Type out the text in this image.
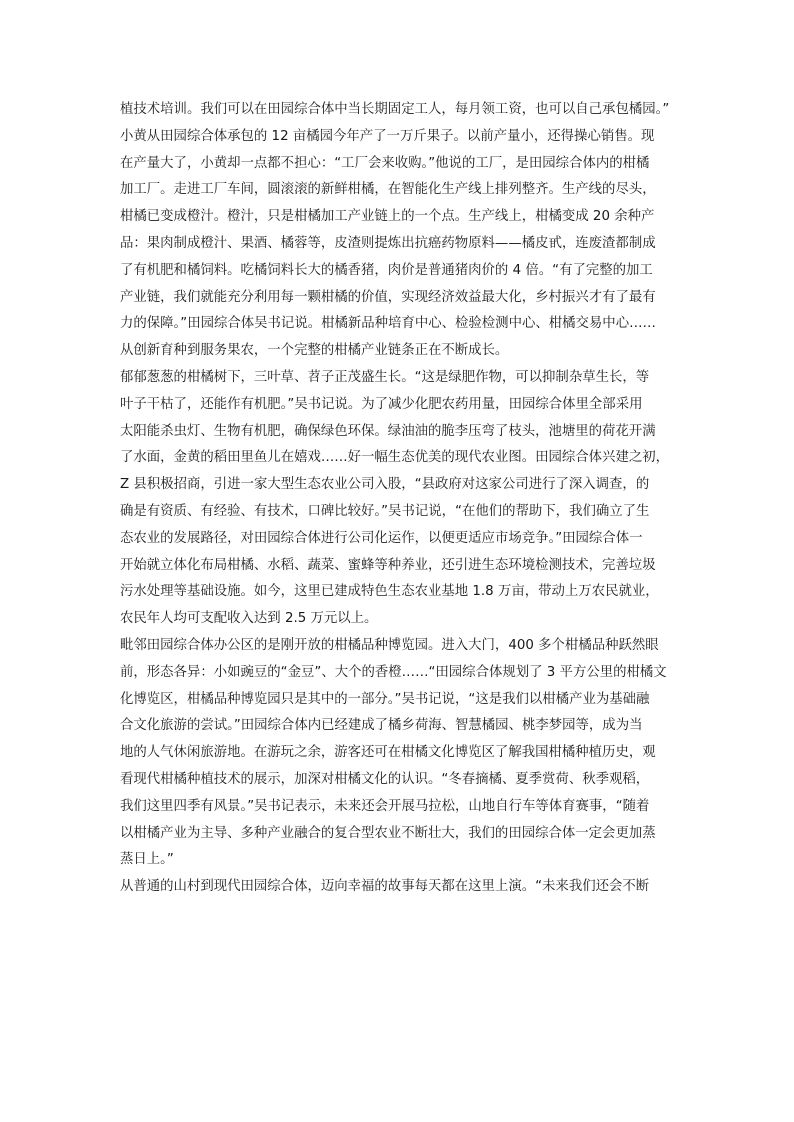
植技术培训。我们可以在田园综合体中当长期固定工人，每月领工资，也可以自己承包橘园。”
小黄从田园综合体承包的 12 亩橘园今年产了一万斤果子。以前产量小，还得操心销售。现
在产量大了，小黄却一点都不担心：“工厂会来收购。”他说的工厂，是田园综合体内的柑橘
加工厂。走进工厂车间，圆滚滚的新鲜柑橘，在智能化生产线上排列整齐。生产线的尽头，
柑橘已变成橙汁。橙汁，只是柑橘加工产业链上的一个点。生产线上，柑橘变成 20 余种产
品：果肉制成橙汁、果酒、橘蓉等，皮渣则提炼出抗癌药物原料——橘皮甙，连废渣都制成
了有机肥和橘饲料。吃橘饲料长大的橘香猪，肉价是普通猪肉价的 4 倍。“有了完整的加工
产业链，我们就能充分利用每一颗柑橘的价值，实现经济效益最大化，乡村振兴才有了最有
力的保障。”田园综合体吴书记说。柑橘新品种培育中心、检验检测中心、柑橘交易中心……
从创新育种到服务果农，一个完整的柑橘产业链条正在不断成长。
郁郁葱葱的柑橘树下，三叶草、苕子正茂盛生长。“这是绿肥作物，可以抑制杂草生长，等
叶子干枯了，还能作有机肥。”吴书记说。为了减少化肥农药用量，田园综合体里全部采用
太阳能杀虫灯、生物有机肥，确保绿色环保。绿油油的脆李压弯了枝头，池塘里的荷花开满
了水面，金黄的稻田里鱼儿在嬉戏……好一幅生态优美的现代农业图。田园综合体兴建之初，
Z 县积极招商，引进一家大型生态农业公司入股，“县政府对这家公司进行了深入调查，的
确是有资质、有经验、有技术，口碑比较好。”吴书记说，“在他们的帮助下，我们确立了生
态农业的发展路径，对田园综合体进行公司化运作，以便更适应市场竞争。”田园综合体一
开始就立体化布局柑橘、水稻、蔬菜、蜜蜂等种养业，还引进生态环境检测技术，完善垃圾
污水处理等基础设施。如今，这里已建成特色生态农业基地 1.8 万亩，带动上万农民就业，
农民年人均可支配收入达到 2.5 万元以上。
毗邻田园综合体办公区的是刚开放的柑橘品种博览园。进入大门，400 多个柑橘品种跃然眼
前，形态各异：小如豌豆的“金豆”、大个的香橙……“田园综合体规划了 3 平方公里的柑橘文
化博览区，柑橘品种博览园只是其中的一部分。”吴书记说，“这是我们以柑橘产业为基础融
合文化旅游的尝试。”田园综合体内已经建成了橘乡荷海、智慧橘园、桃李梦园等，成为当
地的人气休闲旅游地。在游玩之余，游客还可在柑橘文化博览区了解我国柑橘种植历史，观
看现代柑橘种植技术的展示，加深对柑橘文化的认识。“冬春摘橘、夏季赏荷、秋季观稻，
我们这里四季有风景。”吴书记表示，未来还会开展马拉松，山地自行车等体育赛事，“随着
以柑橘产业为主导、多种产业融合的复合型农业不断壮大，我们的田园综合体一定会更加蒸
蒸日上。”
从普通的山村到现代田园综合体，迈向幸福的故事每天都在这里上演。“未来我们还会不断
